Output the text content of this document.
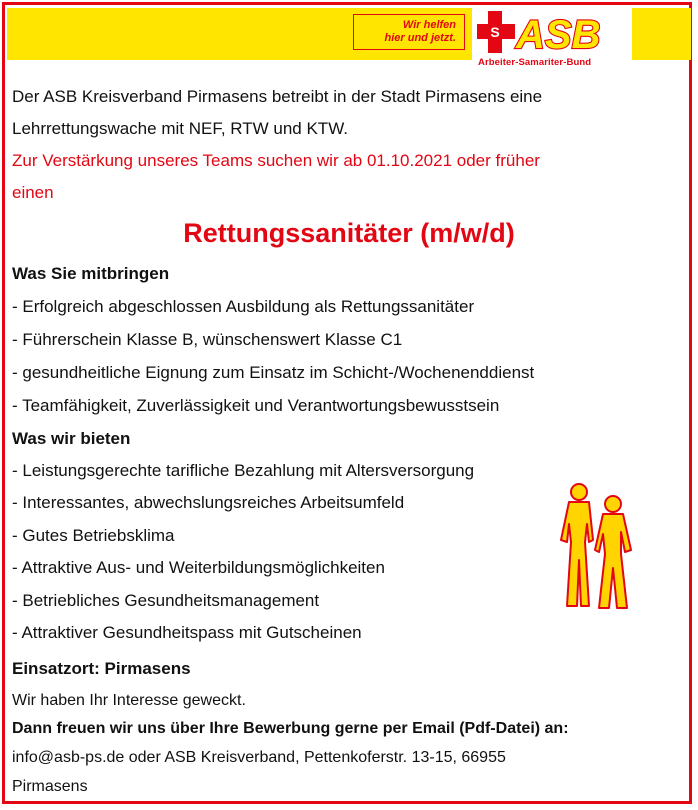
Wir helfen
hier und jetzt. S ASB
Arbeiter-Samariter-Bund
Der ASB Kreisverband Pirmasens betreibt in der Stadt Pirmasens eine
Lehrrettungswache mit NEF, RTW und KTW.
Zur Verstärkung unseres Teams suchen wir ab 01.10.2021 oder früher
einen
Rettungssanitäter (m/w/d)
Was Sie mitbringen
- Erfolgreich abgeschlossen Ausbildung als Rettungssanitäter
- Führerschein Klasse B, wünschenswert Klasse C1
- gesundheitliche Eignung zum Einsatz im Schicht-/Wochenenddienst
- Teamfähigkeit, Zuverlässigkeit und Verantwortungsbewusstsein
Was wir bieten
- Leistungsgerechte tarifliche Bezahlung mit Altersversorgung
- Interessantes, abwechslungsreiches Arbeitsumfeld
- Gutes Betriebsklima
- Attraktive Aus- und Weiterbildungsmöglichkeiten
- Betriebliches Gesundheitsmanagement
- Attraktiver Gesundheitspass mit Gutscheinen
Einsatzort: Pirmasens
Wir haben Ihr Interesse geweckt.
Dann freuen wir uns über Ihre Bewerbung gerne per Email (Pdf-Datei) an:
info@asb-ps.de oder ASB Kreisverband, Pettenkoferstr. 13-15, 66955
Pirmasens
